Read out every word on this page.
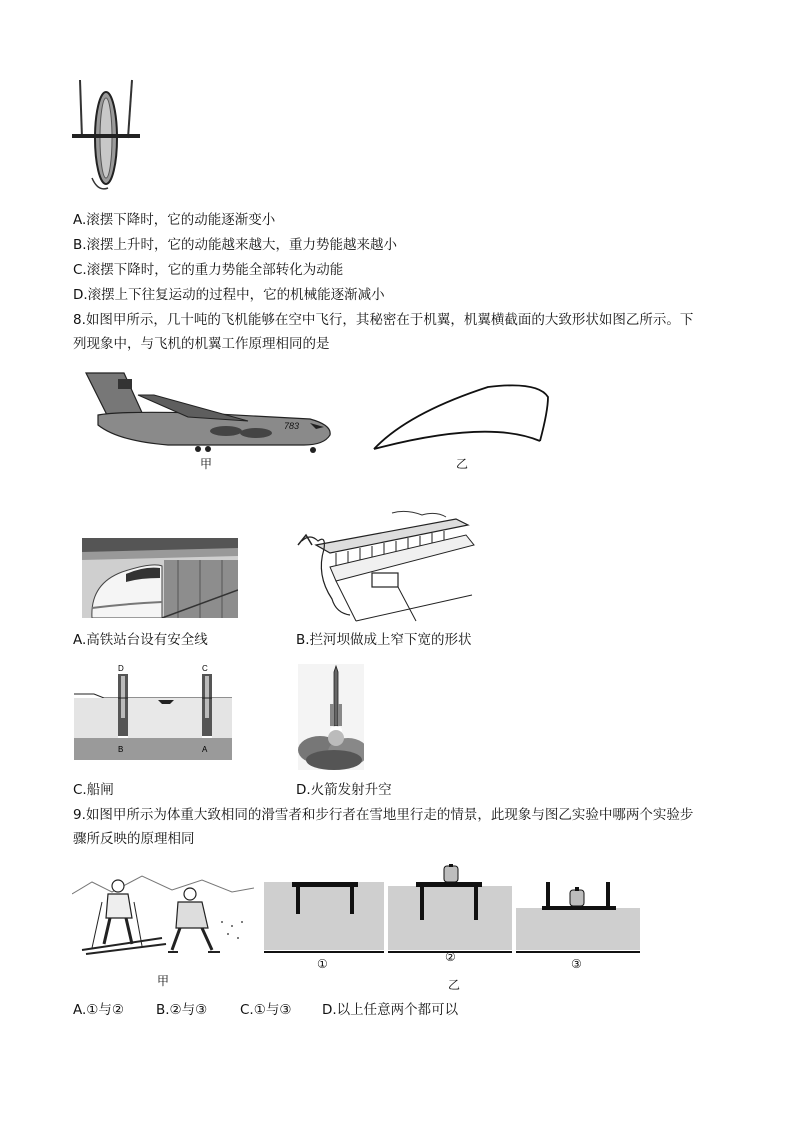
A.滚摆下降时，它的动能逐渐变小
B.滚摆上升时，它的动能越来越大，重力势能越来越小
C.滚摆下降时，它的重力势能全部转化为动能
D.滚摆上下往复运动的过程中，它的机械能逐渐减小
8.如图甲所示，几十吨的飞机能够在空中飞行，其秘密在于机翼，机翼横截面的大致形状如图乙所示。下
列现象中，与飞机的机翼工作原理相同的是
783
甲	乙
A.高铁站台设有安全线	B.拦河坝做成上窄下宽的形状
D	C
B	A
C.船闸	D.火箭发射升空
9.如图甲所示为体重大致相同的滑雪者和步行者在雪地里行走的情景，此现象与图乙实验中哪两个实验步
骤所反映的原理相同
甲
①	②	③
乙
A.①与② B.②与③ C.①与③ D.以上任意两个都可以
